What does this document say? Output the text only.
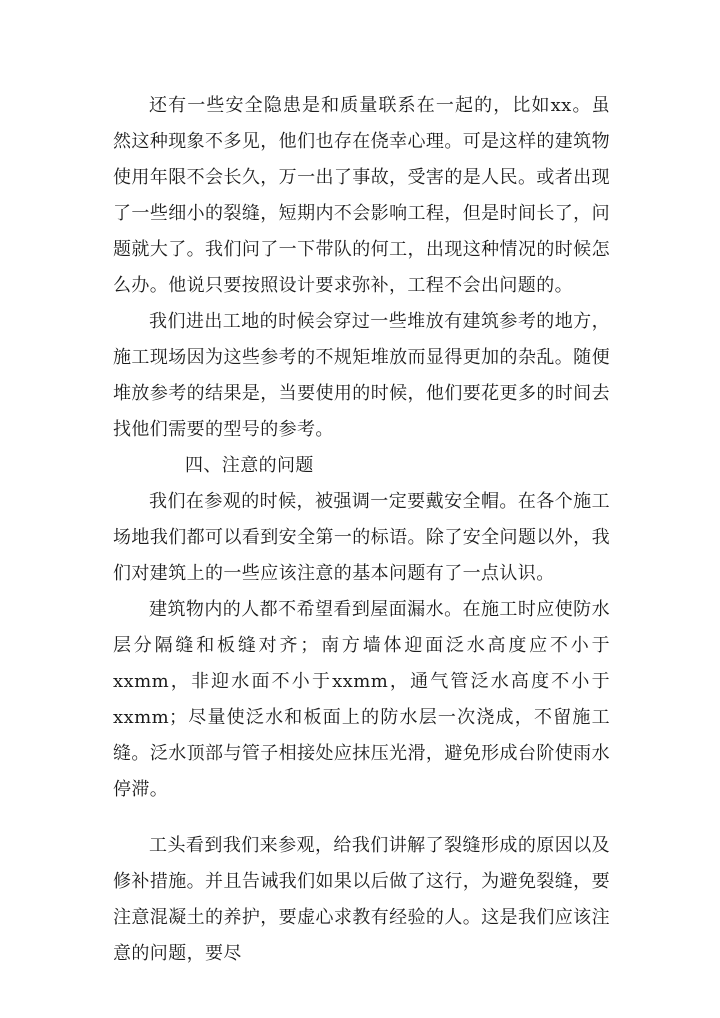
还有一些安全隐患是和质量联系在一起的，比如xx。虽然这种现象不多见，他们也存在侥幸心理。可是这样的建筑物使用年限不会长久，万一出了事故，受害的是人民。或者出现了一些细小的裂缝，短期内不会影响工程，但是时间长了，问题就大了。我们问了一下带队的何工，出现这种情况的时候怎么办。他说只要按照设计要求弥补，工程不会出问题的。

我们进出工地的时候会穿过一些堆放有建筑参考的地方，施工现场因为这些参考的不规矩堆放而显得更加的杂乱。随便堆放参考的结果是，当要使用的时候，他们要花更多的时间去找他们需要的型号的参考。

四、注意的问题

我们在参观的时候，被强调一定要戴安全帽。在各个施工场地我们都可以看到安全第一的标语。除了安全问题以外，我们对建筑上的一些应该注意的基本问题有了一点认识。

建筑物内的人都不希望看到屋面漏水。在施工时应使防水层分隔缝和板缝对齐；南方墙体迎面泛水高度应不小于xxmm，非迎水面不小于xxmm，通气管泛水高度不小于xxmm；尽量使泛水和板面上的防水层一次浇成，不留施工缝。泛水顶部与管子相接处应抹压光滑，避免形成台阶使雨水停滞。

工头看到我们来参观，给我们讲解了裂缝形成的原因以及修补措施。并且告诫我们如果以后做了这行，为避免裂缝，要注意混凝土的养护，要虚心求教有经验的人。这是我们应该注意的问题，要尽
